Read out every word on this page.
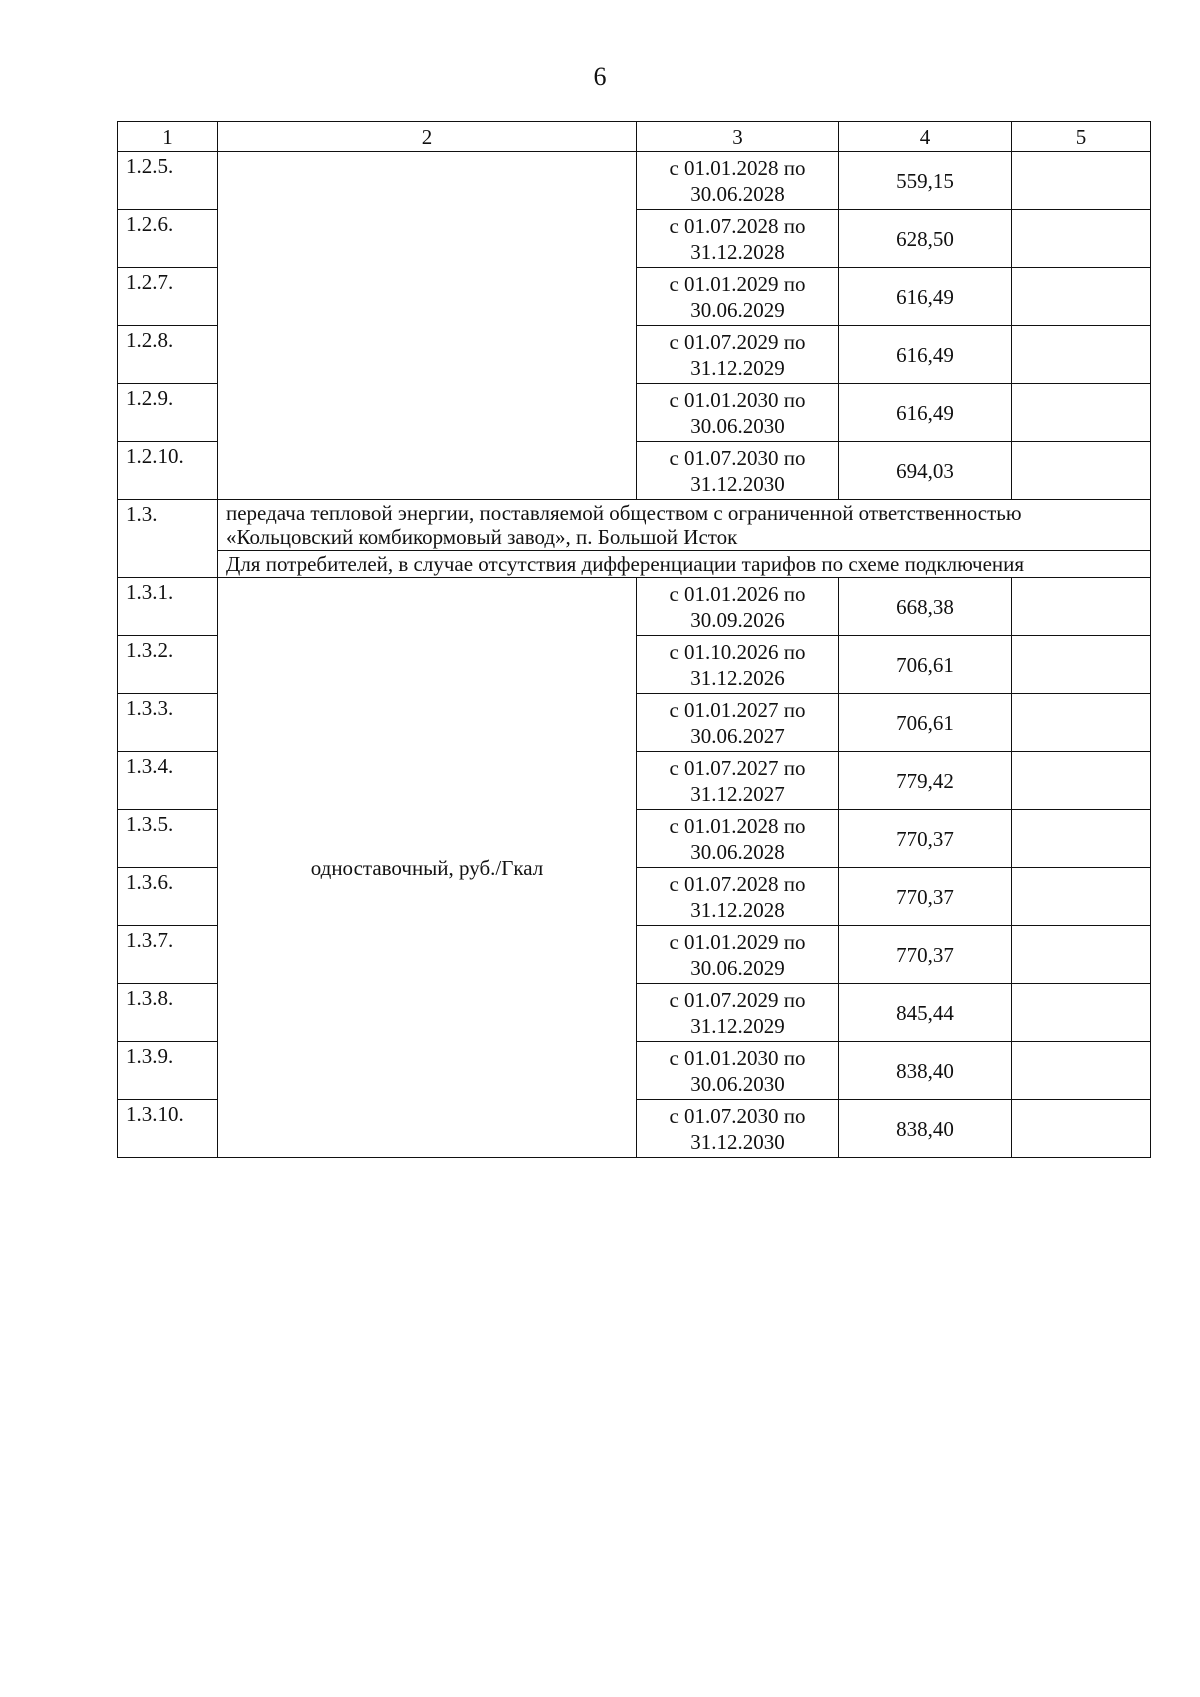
6
1	2	3	4	5
1.2.5.		с 01.01.2028 по 30.06.2028	559,15	
1.2.6.		с 01.07.2028 по 31.12.2028	628,50	
1.2.7.		с 01.01.2029 по 30.06.2029	616,49	
1.2.8.		с 01.07.2029 по 31.12.2029	616,49	
1.2.9.		с 01.01.2030 по 30.06.2030	616,49	
1.2.10.		с 01.07.2030 по 31.12.2030	694,03	
1.3.	передача тепловой энергии, поставляемой обществом с ограниченной ответственностью «Кольцовский комбикормовый завод», п. Большой Исток			
	Для потребителей, в случае отсутствия дифференциации тарифов по схеме подключения			
1.3.1.	одноставочный, руб./Гкал	с 01.01.2026 по 30.09.2026	668,38	
1.3.2.		с 01.10.2026 по 31.12.2026	706,61	
1.3.3.		с 01.01.2027 по 30.06.2027	706,61	
1.3.4.		с 01.07.2027 по 31.12.2027	779,42	
1.3.5.		с 01.01.2028 по 30.06.2028	770,37	
1.3.6.		с 01.07.2028 по 31.12.2028	770,37	
1.3.7.		с 01.01.2029 по 30.06.2029	770,37	
1.3.8.		с 01.07.2029 по 31.12.2029	845,44	
1.3.9.		с 01.01.2030 по 30.06.2030	838,40	
1.3.10.		с 01.07.2030 по 31.12.2030	838,40	
